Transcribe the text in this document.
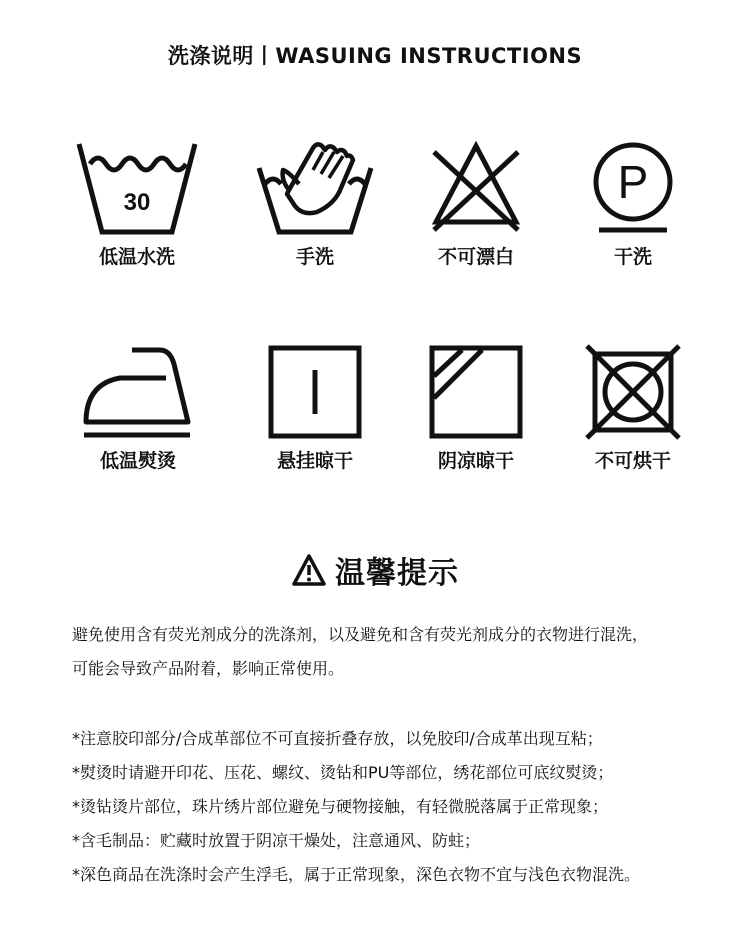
洗涤说明丨WASUING INSTRUCTIONS
30
低温水洗	手洗	不可漂白
P
干洗
低温熨烫	悬挂晾干	阴凉晾干	不可烘干
温馨提示
避免使用含有荧光剂成分的洗涤剂，以及避免和含有荧光剂成分的衣物进行混洗，
可能会导致产品附着，影响正常使用。
*注意胶印部分/合成革部位不可直接折叠存放，以免胶印/合成革出现互粘；
*熨烫时请避开印花、压花、螺纹、烫钻和PU等部位，绣花部位可底纹熨烫；
*烫钻烫片部位，珠片绣片部位避免与硬物接触，有轻微脱落属于正常现象；
*含毛制品：贮藏时放置于阴凉干燥处，注意通风、防蛀；
*深色商品在洗涤时会产生浮毛，属于正常现象，深色衣物不宜与浅色衣物混洗。
